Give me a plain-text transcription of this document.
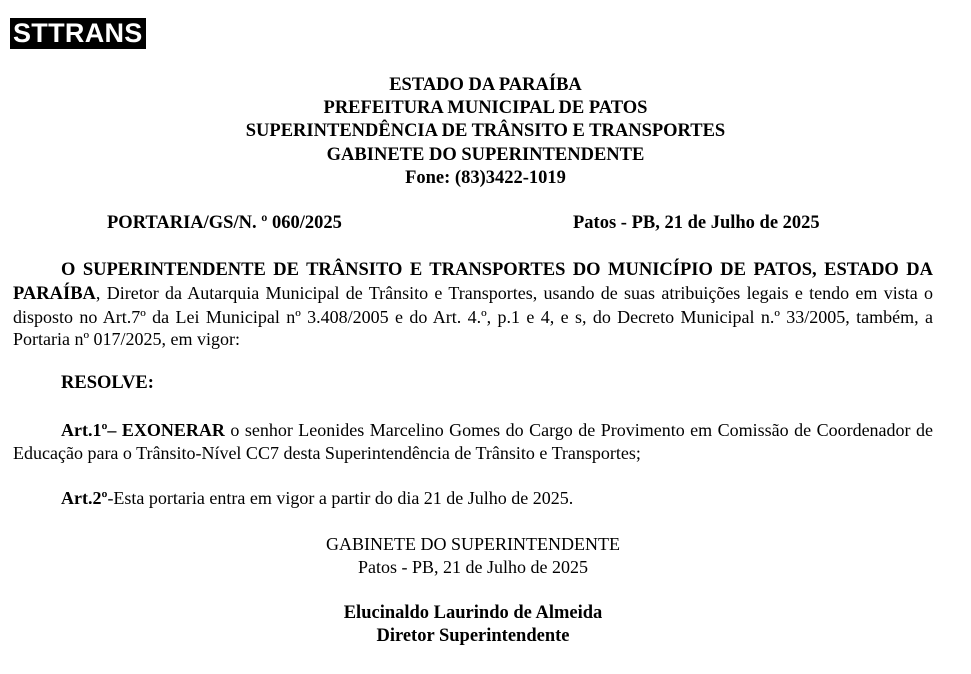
STTRANS
ESTADO DA PARAÍBA
PREFEITURA MUNICIPAL DE PATOS
SUPERINTENDÊNCIA DE TRÂNSITO E TRANSPORTES
GABINETE DO SUPERINTENDENTE
Fone: (83)3422-1019
PORTARIA/GS/N. º 060/2025	Patos - PB, 21 de Julho de 2025
O SUPERINTENDENTE DE TRÂNSITO E TRANSPORTES DO MUNICÍPIO DE PATOS, ESTADO DA PARAÍBA, Diretor da Autarquia Municipal de Trânsito e Transportes, usando de suas atribuições legais e tendo em vista o disposto no Art.7º da Lei Municipal nº 3.408/2005 e do Art. 4.º, p.1 e 4, e s, do Decreto Municipal n.º 33/2005, também, a Portaria nº 017/2025, em vigor:
RESOLVE:
Art.1º– EXONERAR o senhor Leonides Marcelino Gomes do Cargo de Provimento em Comissão de Coordenador de Educação para o Trânsito-Nível CC7 desta Superintendência de Trânsito e Transportes;
Art.2º-Esta portaria entra em vigor a partir do dia 21 de Julho de 2025.
GABINETE DO SUPERINTENDENTE
Patos - PB, 21 de Julho de 2025
Elucinaldo Laurindo de Almeida
Diretor Superintendente
